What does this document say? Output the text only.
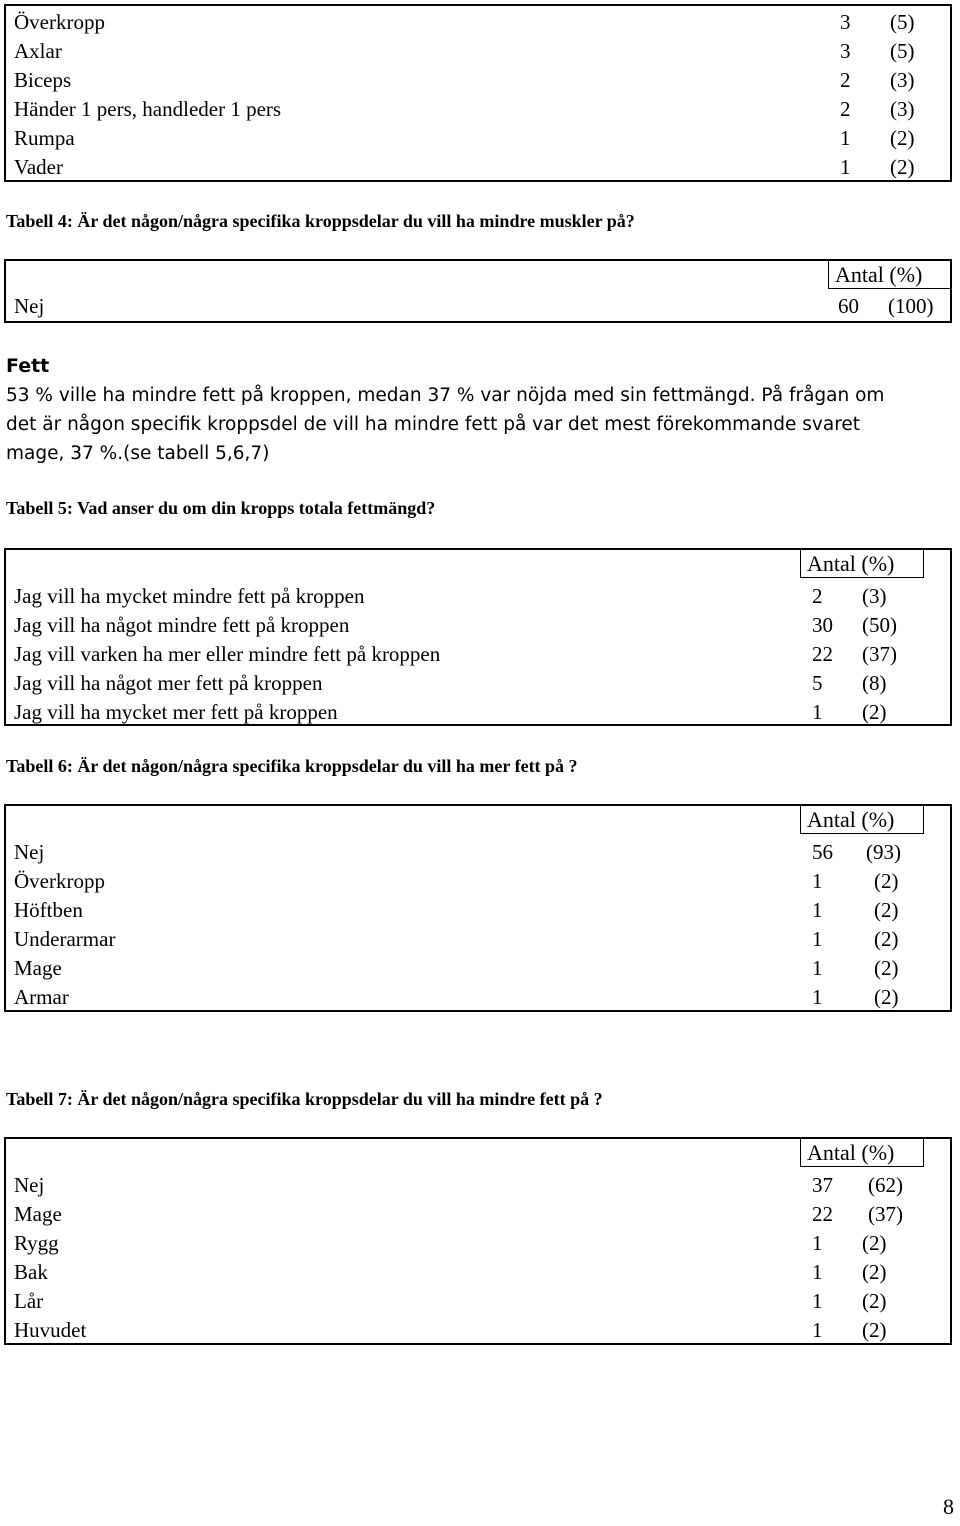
Överkropp	3 (5)
Axlar	3 (5)
Biceps	2 (3)
Händer 1 pers, handleder 1 pers	2 (3)
Rumpa	1 (2)
Vader	1 (2)
Tabell 4: Är det någon/några specifika kroppsdelar du vill ha mindre muskler på?
Antal (%)
Nej	60 (100)
Fett
53 % ville ha mindre fett på kroppen, medan 37 % var nöjda med sin fettmängd. På frågan om
det är någon specifik kroppsdel de vill ha mindre fett på var det mest förekommande svaret
mage, 37 %.(se tabell 5,6,7)
Tabell 5: Vad anser du om din kropps totala fettmängd?
Antal (%)
Jag vill ha mycket mindre fett på kroppen	2 (3)
Jag vill ha något mindre fett på kroppen	30 (50)
Jag vill varken ha mer eller mindre fett på kroppen	22 (37)
Jag vill ha något mer fett på kroppen	5 (8)
Jag vill ha mycket mer fett på kroppen	1 (2)
Tabell 6: Är det någon/några specifika kroppsdelar du vill ha mer fett på ?
Antal (%)
Nej	56 (93)
Överkropp	1 (2)
Höftben	1 (2)
Underarmar	1 (2)
Mage	1 (2)
Armar	1 (2)
Tabell 7: Är det någon/några specifika kroppsdelar du vill ha mindre fett på ?
Antal (%)
Nej	37 (62)
Mage	22 (37)
Rygg	1 (2)
Bak	1 (2)
Lår	1 (2)
Huvudet	1 (2)
8
